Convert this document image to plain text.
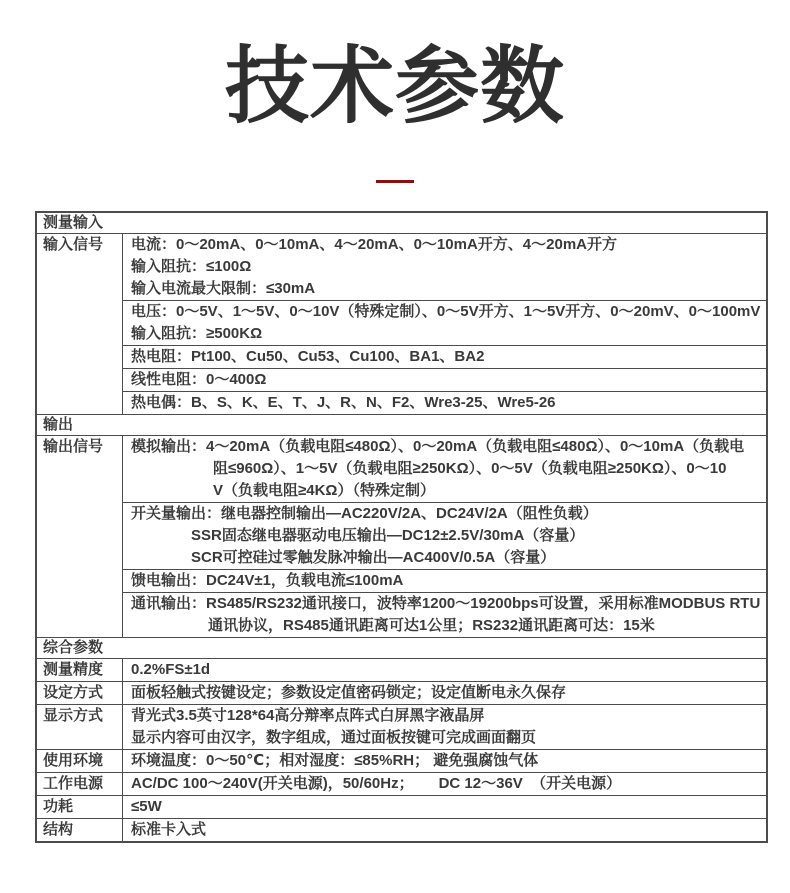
技术参数
测量输入
输入信号	电流：0～20mA、0～10mA、4～20mA、0～10mA开方、4～20mA开方
输入阻抗：≤100Ω
输入电流最大限制：≤30mA
电压：0～5V、1～5V、0～10V（特殊定制）、0～5V开方、1～5V开方、0～20mV、0～100mV
输入阻抗：≥500KΩ
热电阻：Pt100、Cu50、Cu53、Cu100、BA1、BA2
线性电阻：0～400Ω
热电偶：B、S、K、E、T、J、R、N、F2、Wre3-25、Wre5-26
输出
输出信号	模拟输出：4～20mA（负载电阻≤480Ω）、0～20mA（负载电阻≤480Ω）、0～10mA（负载电
阻≤960Ω）、1～5V（负载电阻≥250KΩ）、0～5V（负载电阻≥250KΩ）、0～10
V（负载电阻≥4KΩ）（特殊定制）
开关量输出：继电器控制输出—AC220V/2A、DC24V/2A（阻性负载）
SSR固态继电器驱动电压输出—DC12±2.5V/30mA（容量）
SCR可控硅过零触发脉冲输出—AC400V/0.5A（容量）
馈电输出：DC24V±1，负载电流≤100mA
通讯输出：RS485/RS232通讯接口，波特率1200～19200bps可设置，采用标准MODBUS RTU
通讯协议，RS485通讯距离可达1公里；RS232通讯距离可达：15米
综合参数
测量精度	0.2%FS±1d
设定方式	面板轻触式按键设定；参数设定值密码锁定；设定值断电永久保存
显示方式	背光式3.5英寸128*64高分辩率点阵式白屏黑字液晶屏
显示内容可由汉字，数字组成，通过面板按键可完成画面翻页
使用环境	环境温度：0～50℃；相对湿度：≤85%RH； 避免强腐蚀气体
工作电源	AC/DC 100～240V(开关电源)，50/60Hz；      DC 12～36V  （开关电源）
功耗	≤5W
结构	标准卡入式
